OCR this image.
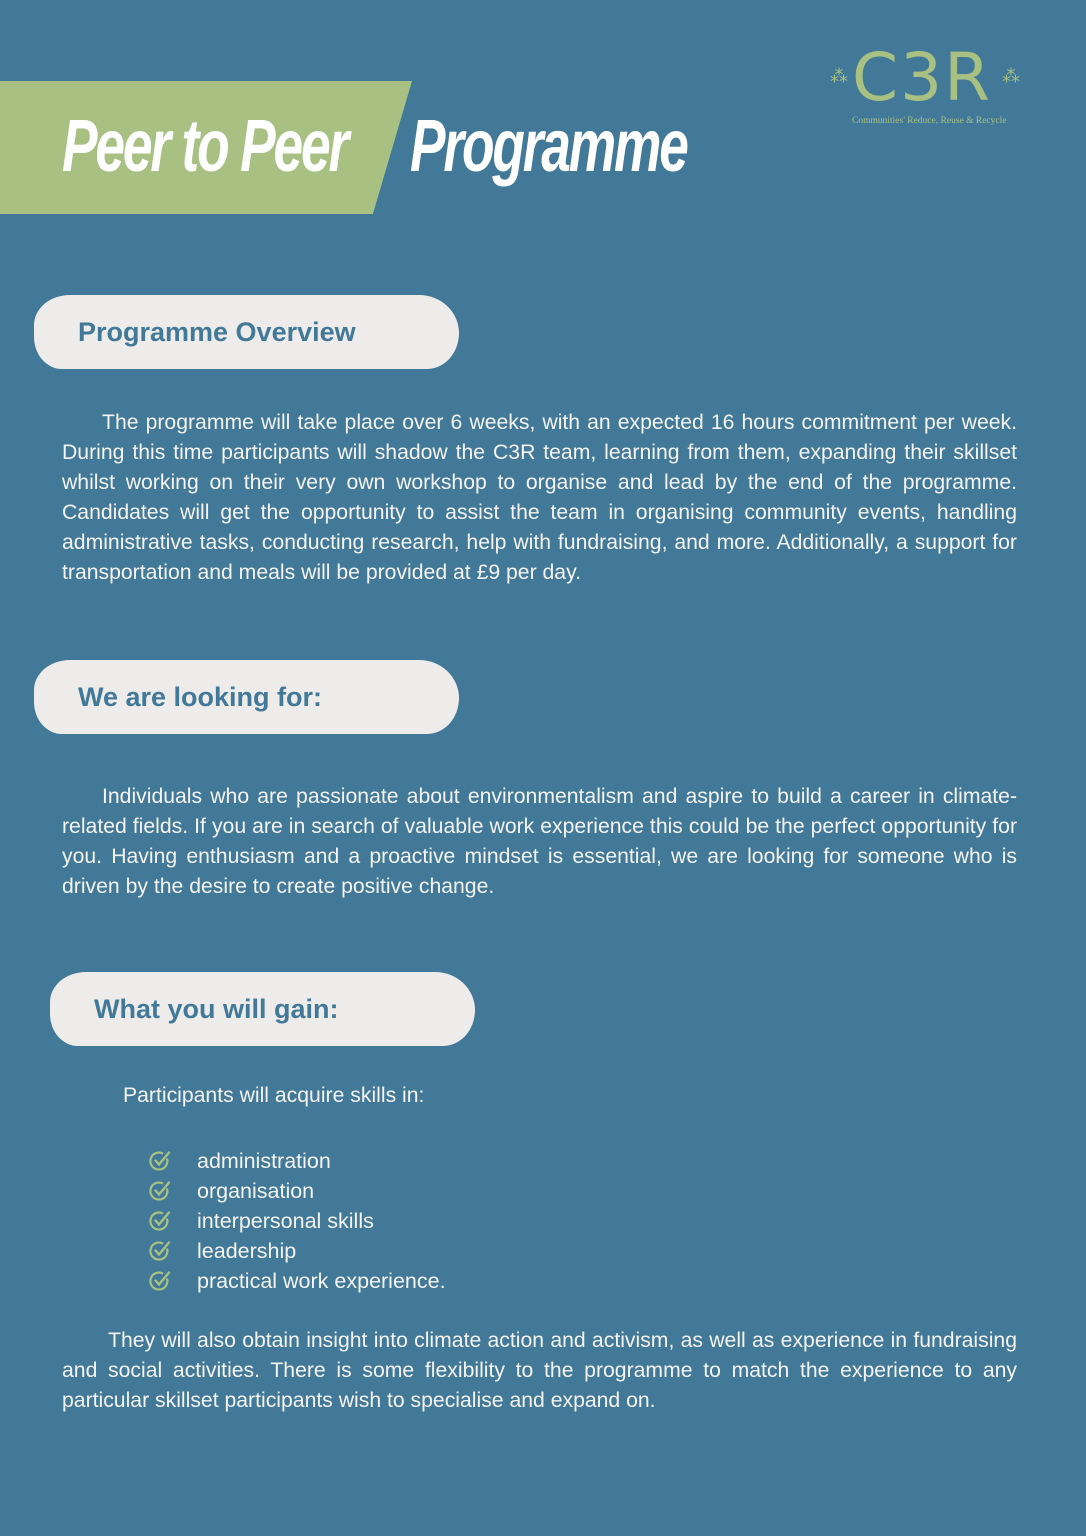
Peer to Peer Programme
⁂ C3R ⁂
Communities' Reduce, Reuse & Recycle
Programme Overview

The programme will take place over 6 weeks, with an expected 16 hours commitment per week. During this time participants will shadow the C3R team, learning from them, expanding their skillset whilst working on their very own workshop to organise and lead by the end of the programme. Candidates will get the opportunity to assist the team in organising community events, handling administrative tasks, conducting research, help with fundraising, and more. Additionally, a support for transportation and meals will be provided at £9 per day.

We are looking for:

Individuals who are passionate about environmentalism and aspire to build a career in climate-related fields. If you are in search of valuable work experience this could be the perfect opportunity for you. Having enthusiasm and a proactive mindset is essential, we are looking for someone who is driven by the desire to create positive change.

What you will gain:
Participants will acquire skills in:
administration
organisation
interpersonal skills
leadership
practical work experience.

They will also obtain insight into climate action and activism, as well as experience in fundraising and social activities. There is some flexibility to the programme to match the experience to any particular skillset participants wish to specialise and expand on.
